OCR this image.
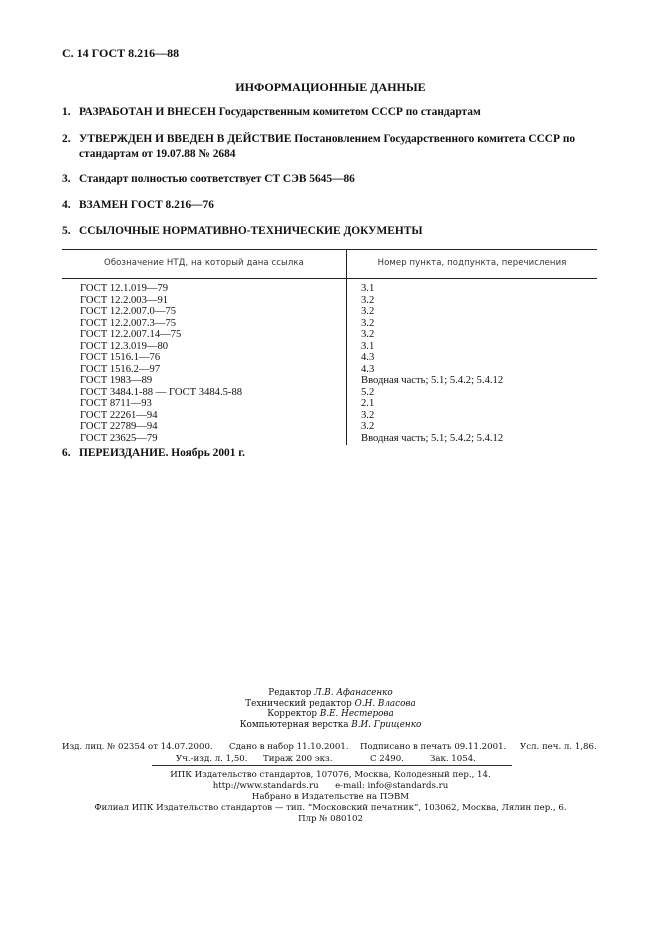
С. 14 ГОСТ 8.216—88
ИНФОРМАЦИОННЫЕ ДАННЫЕ
1. РАЗРАБОТАН И ВНЕСЕН Государственным комитетом СССР по стандартам
2. УТВЕРЖДЕН И ВВЕДЕН В ДЕЙСТВИЕ Постановлением Государственного комитета СССР по
стандартам от 19.07.88 № 2684
3. Стандарт полностью соответствует СТ СЭВ 5645—86
4. ВЗАМЕН ГОСТ 8.216—76
5. ССЫЛОЧНЫЕ НОРМАТИВНО-ТЕХНИЧЕСКИЕ ДОКУМЕНТЫ
Обозначение НТД, на который дана ссылка	Номер пункта, подпункта, перечисления
ГОСТ 12.1.019—79	3.1
ГОСТ 12.2.003—91	3.2
ГОСТ 12.2.007.0—75	3.2
ГОСТ 12.2.007.3—75	3.2
ГОСТ 12.2.007.14—75	3.2
ГОСТ 12.3.019—80	3.1
ГОСТ 1516.1—76	4.3
ГОСТ 1516.2—97	4.3
ГОСТ 1983—89	Вводная часть; 5.1; 5.4.2; 5.4.12
ГОСТ 3484.1-88 — ГОСТ 3484.5-88	5.2
ГОСТ 8711—93	2.1
ГОСТ 22261—94	3.2
ГОСТ 22789—94	3.2
ГОСТ 23625—79	Вводная часть; 5.1; 5.4.2; 5.4.12
6. ПЕРЕИЗДАНИЕ. Ноябрь 2001 г.
Редактор Л.В. Афанасенко
Технический редактор О.Н. Власова
Корректор В.Е. Нестерова
Компьютерная верстка В.И. Грищенко
Изд. лиц. № 02354 от 14.07.2000. Сдано в набор 11.10.2001. Подписано в печать 09.11.2001. Усл. печ. л. 1,86.
Уч.-изд. л. 1,50. Тираж 200 экз.	С 2490.	Зак. 1054.
ИПК Издательство стандартов, 107076, Москва, Колодезный пер., 14.
http://www.standards.ru e-mail: info@standards.ru
Набрано в Издательстве на ПЭВМ
Филиал ИПК Издательство стандартов — тип. “Московский печатник”, 103062, Москва, Лялин пер., 6.
Плр № 080102
